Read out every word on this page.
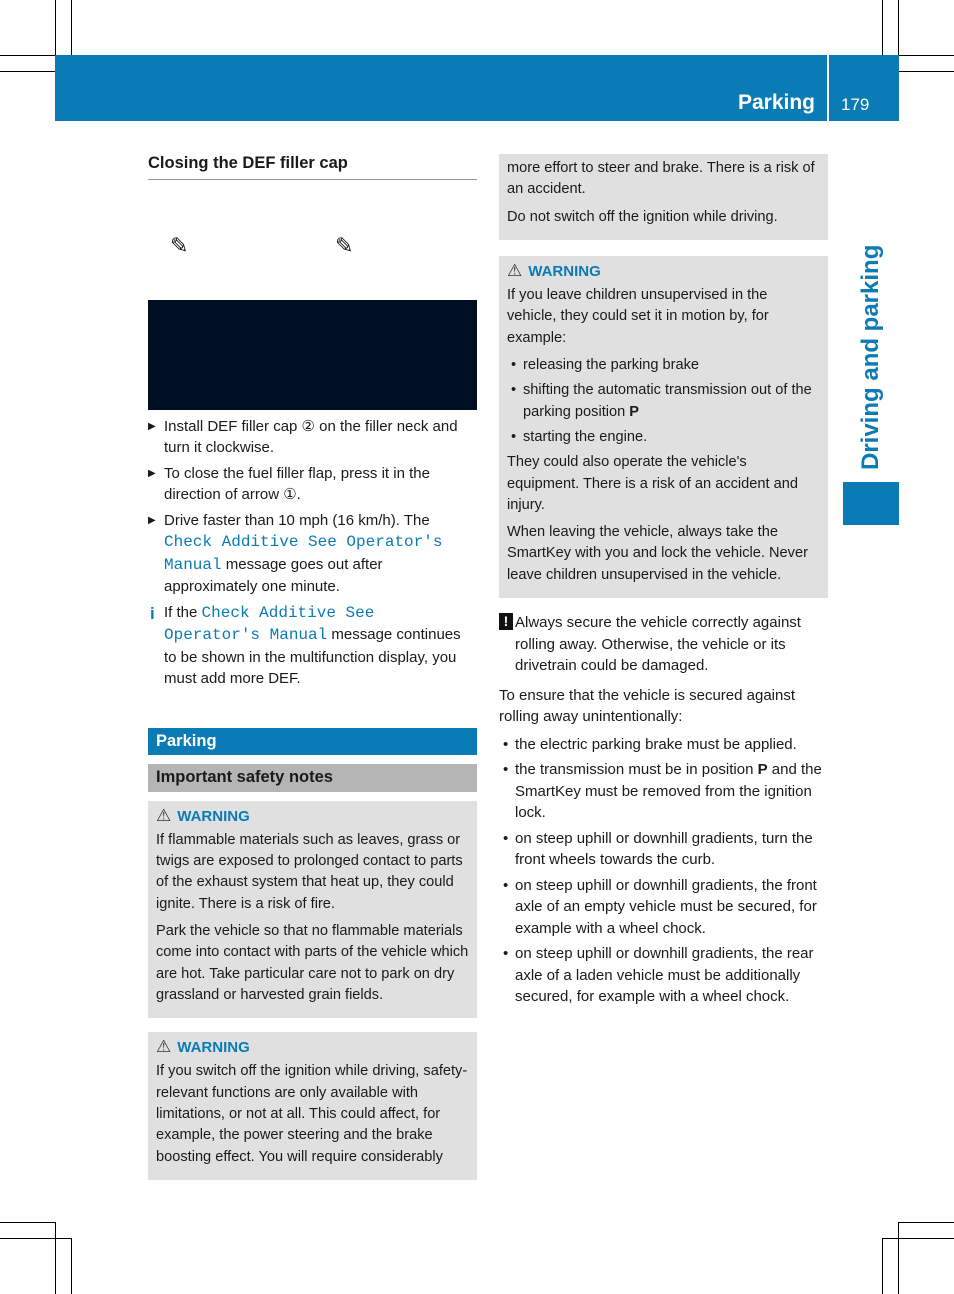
Parking 179
Driving and parking
Closing the DEF filler cap
✎	✎
▶ Install DEF filler cap ② on the filler neck and turn it clockwise.
▶ To close the fuel filler flap, press it in the direction of arrow ①.
▶ Drive faster than 10 mph (16 km/h). The Check Additive See Operator's Manual message goes out after approximately one minute.
i If the Check Additive See Operator's Manual message continues to be shown in the multifunction display, you must add more DEF.
Parking
Important safety notes
⚠ WARNING

If flammable materials such as leaves, grass or twigs are exposed to prolonged contact to parts of the exhaust system that heat up, they could ignite. There is a risk of fire.

Park the vehicle so that no flammable materials come into contact with parts of the vehicle which are hot. Take particular care not to park on dry grassland or harvested grain fields.

⚠ WARNING

If you switch off the ignition while driving, safety-relevant functions are only available with limitations, or not at all. This could affect, for example, the power steering and the brake boosting effect. You will require considerably

more effort to steer and brake. There is a risk of an accident.

Do not switch off the ignition while driving.

⚠ WARNING

If you leave children unsupervised in the vehicle, they could set it in motion by, for example:

• releasing the parking brake
• shifting the automatic transmission out of the parking position P
• starting the engine.

They could also operate the vehicle's equipment. There is a risk of an accident and injury.

When leaving the vehicle, always take the SmartKey with you and lock the vehicle. Never leave children unsupervised in the vehicle.

! Always secure the vehicle correctly against rolling away. Otherwise, the vehicle or its drivetrain could be damaged.

To ensure that the vehicle is secured against rolling away unintentionally:

• the electric parking brake must be applied.
• the transmission must be in position P and the SmartKey must be removed from the ignition lock.
• on steep uphill or downhill gradients, turn the front wheels towards the curb.
• on steep uphill or downhill gradients, the front axle of an empty vehicle must be secured, for example with a wheel chock.
• on steep uphill or downhill gradients, the rear axle of a laden vehicle must be additionally secured, for example with a wheel chock.
